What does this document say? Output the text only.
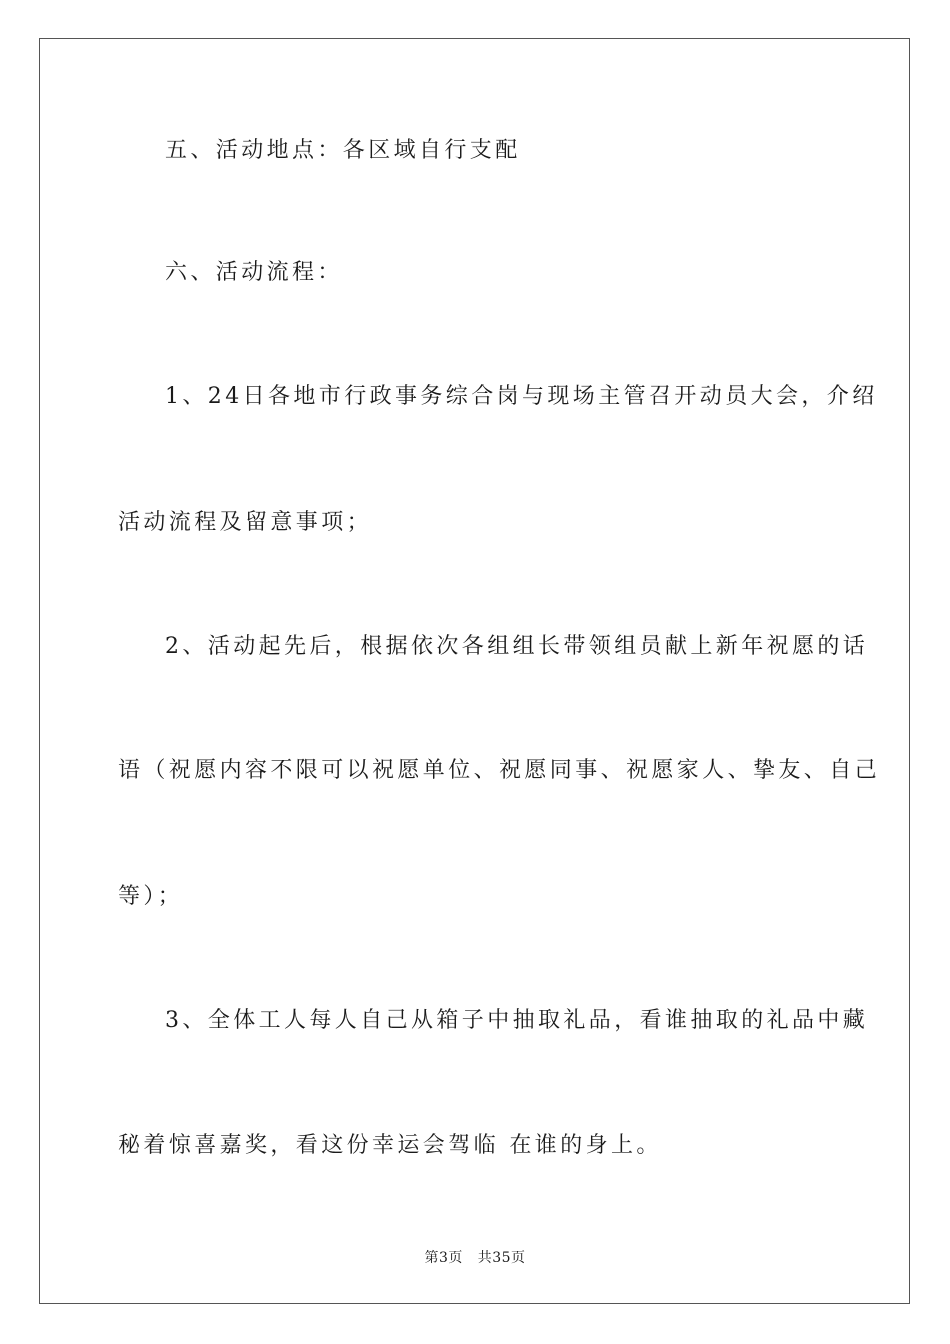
五、活动地点：各区域自行支配
六、活动流程：
1、24日各地市行政事务综合岗与现场主管召开动员大会，介绍
活动流程及留意事项；
2、活动起先后，根据依次各组组长带领组员献上新年祝愿的话
语（祝愿内容不限可以祝愿单位、祝愿同事、祝愿家人、挚友、自己
等）；
3、全体工人每人自己从箱子中抽取礼品，看谁抽取的礼品中藏
秘着惊喜嘉奖，看这份幸运会驾临 在谁的身上。
第3页   共35页
